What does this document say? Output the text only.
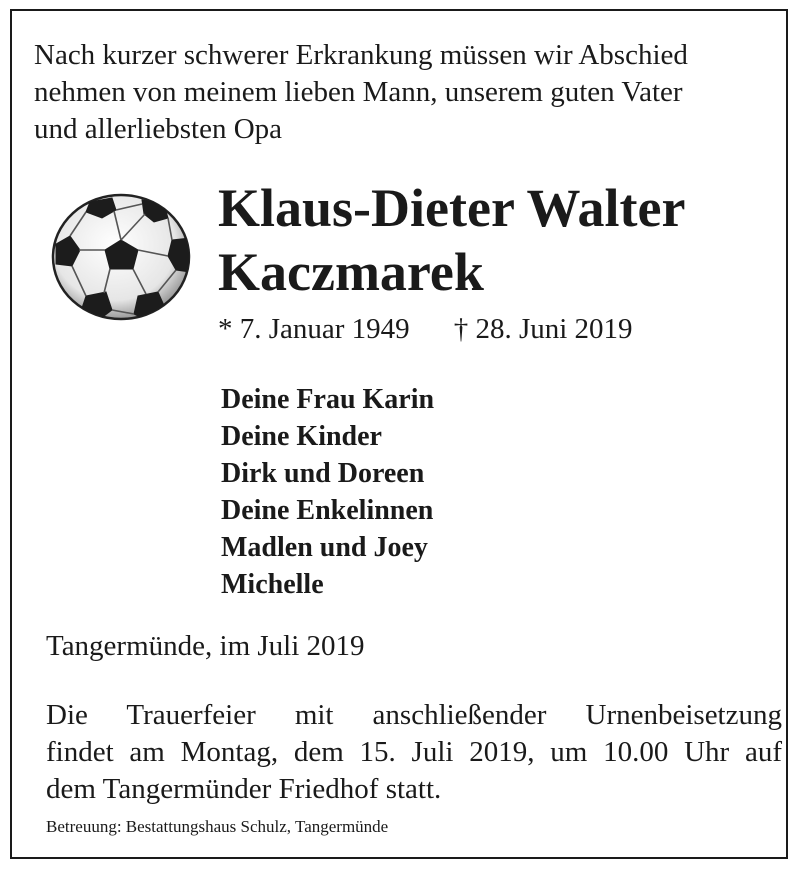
Nach kurzer schwerer Erkrankung müssen wir Abschied
nehmen von meinem lieben Mann, unserem guten Vater
und allerliebsten Opa
Klaus-Dieter Walter
Kaczmarek
* 7. Januar 1949 † 28. Juni 2019
Deine Frau Karin
Deine Kinder
Dirk und Doreen
Deine Enkelinnen
Madlen und Joey
Michelle
Tangermünde, im Juli 2019
Die Trauerfeier mit anschließender Urnenbeisetzung
findet am Montag, dem 15. Juli 2019, um 10.00 Uhr auf
dem Tangermünder Friedhof statt.
Betreuung: Bestattungshaus Schulz, Tangermünde
